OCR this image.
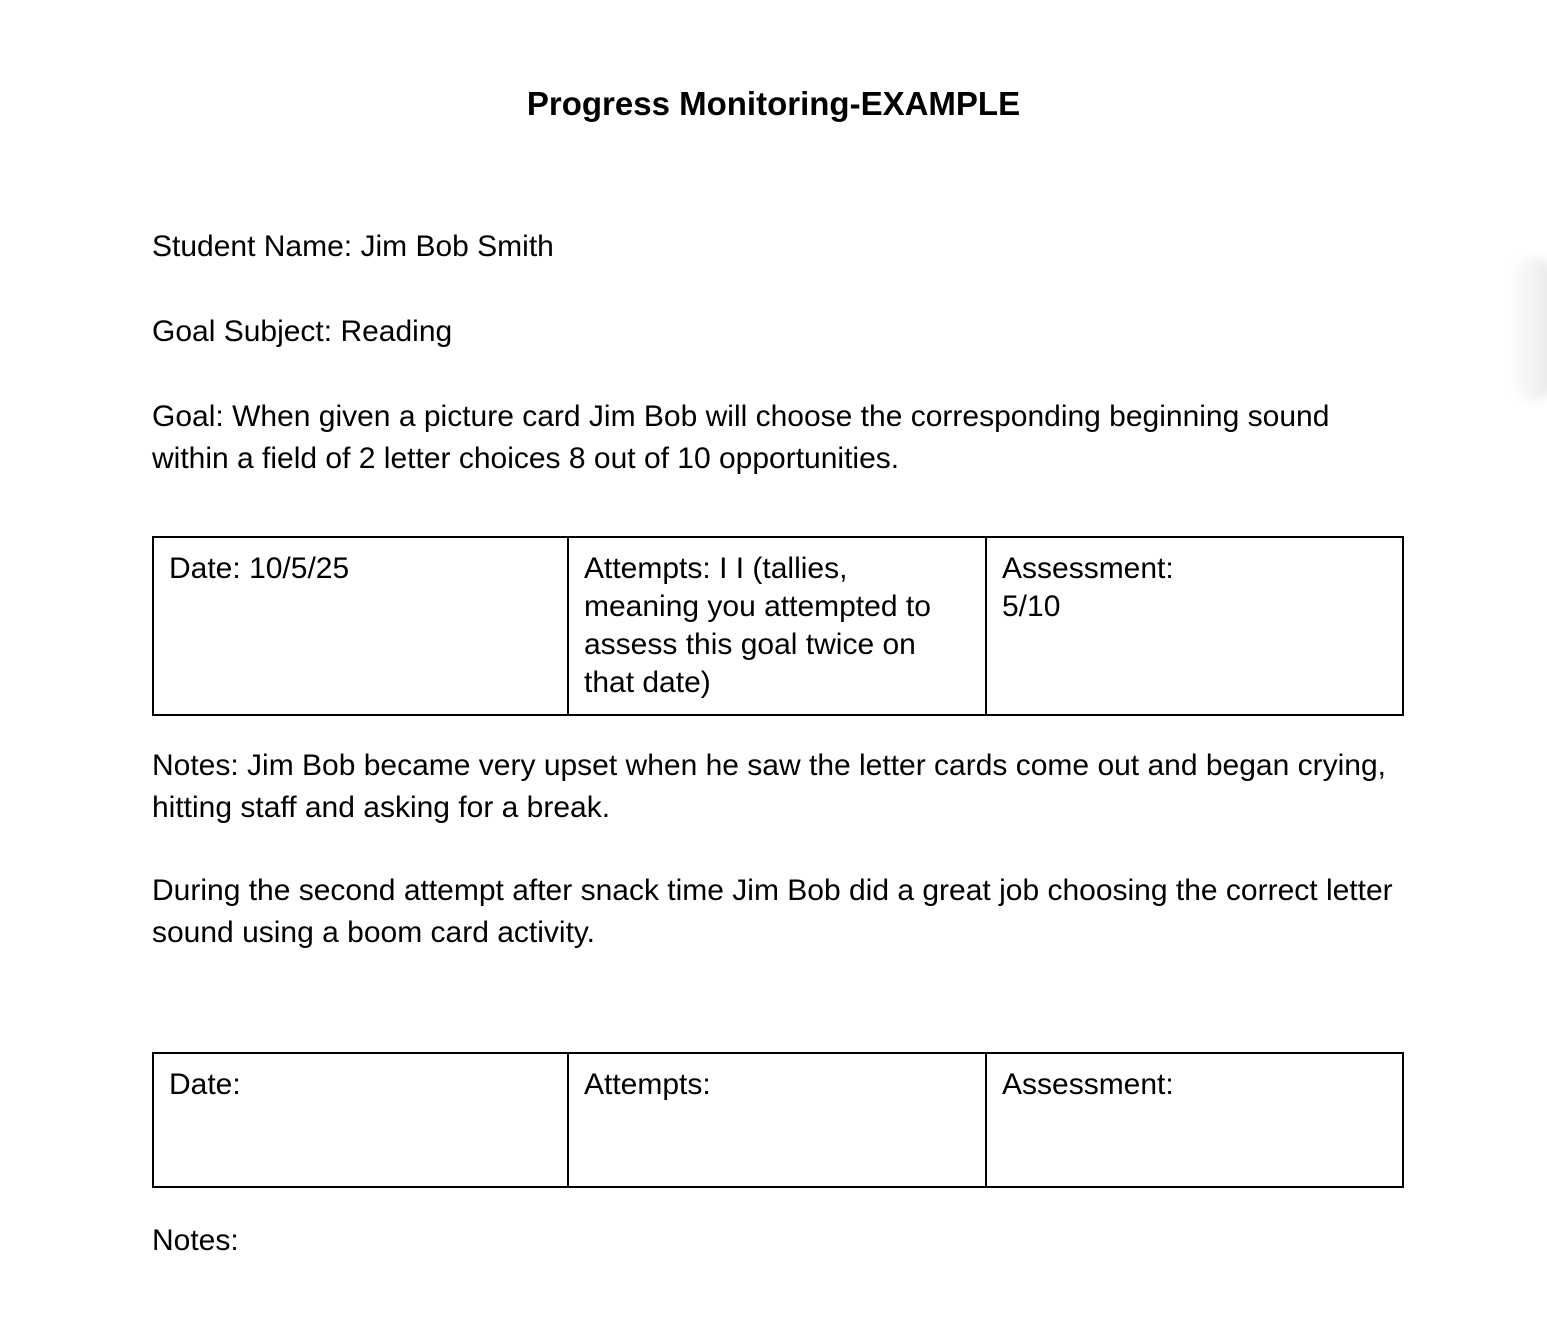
Progress Monitoring-EXAMPLE

Student Name: Jim Bob Smith

Goal Subject: Reading

Goal: When given a picture card Jim Bob will choose the corresponding beginning sound within a field of 2 letter choices 8 out of 10 opportunities.

Date: 10/5/25	Attempts: I I (tallies, meaning you attempted to assess this goal twice on that date)	Assessment:
5/10

Notes: Jim Bob became very upset when he saw the letter cards come out and began crying, hitting staff and asking for a break.

During the second attempt after snack time Jim Bob did a great job choosing the correct letter sound using a boom card activity.

Date:	Attempts:	Assessment:

Notes:
